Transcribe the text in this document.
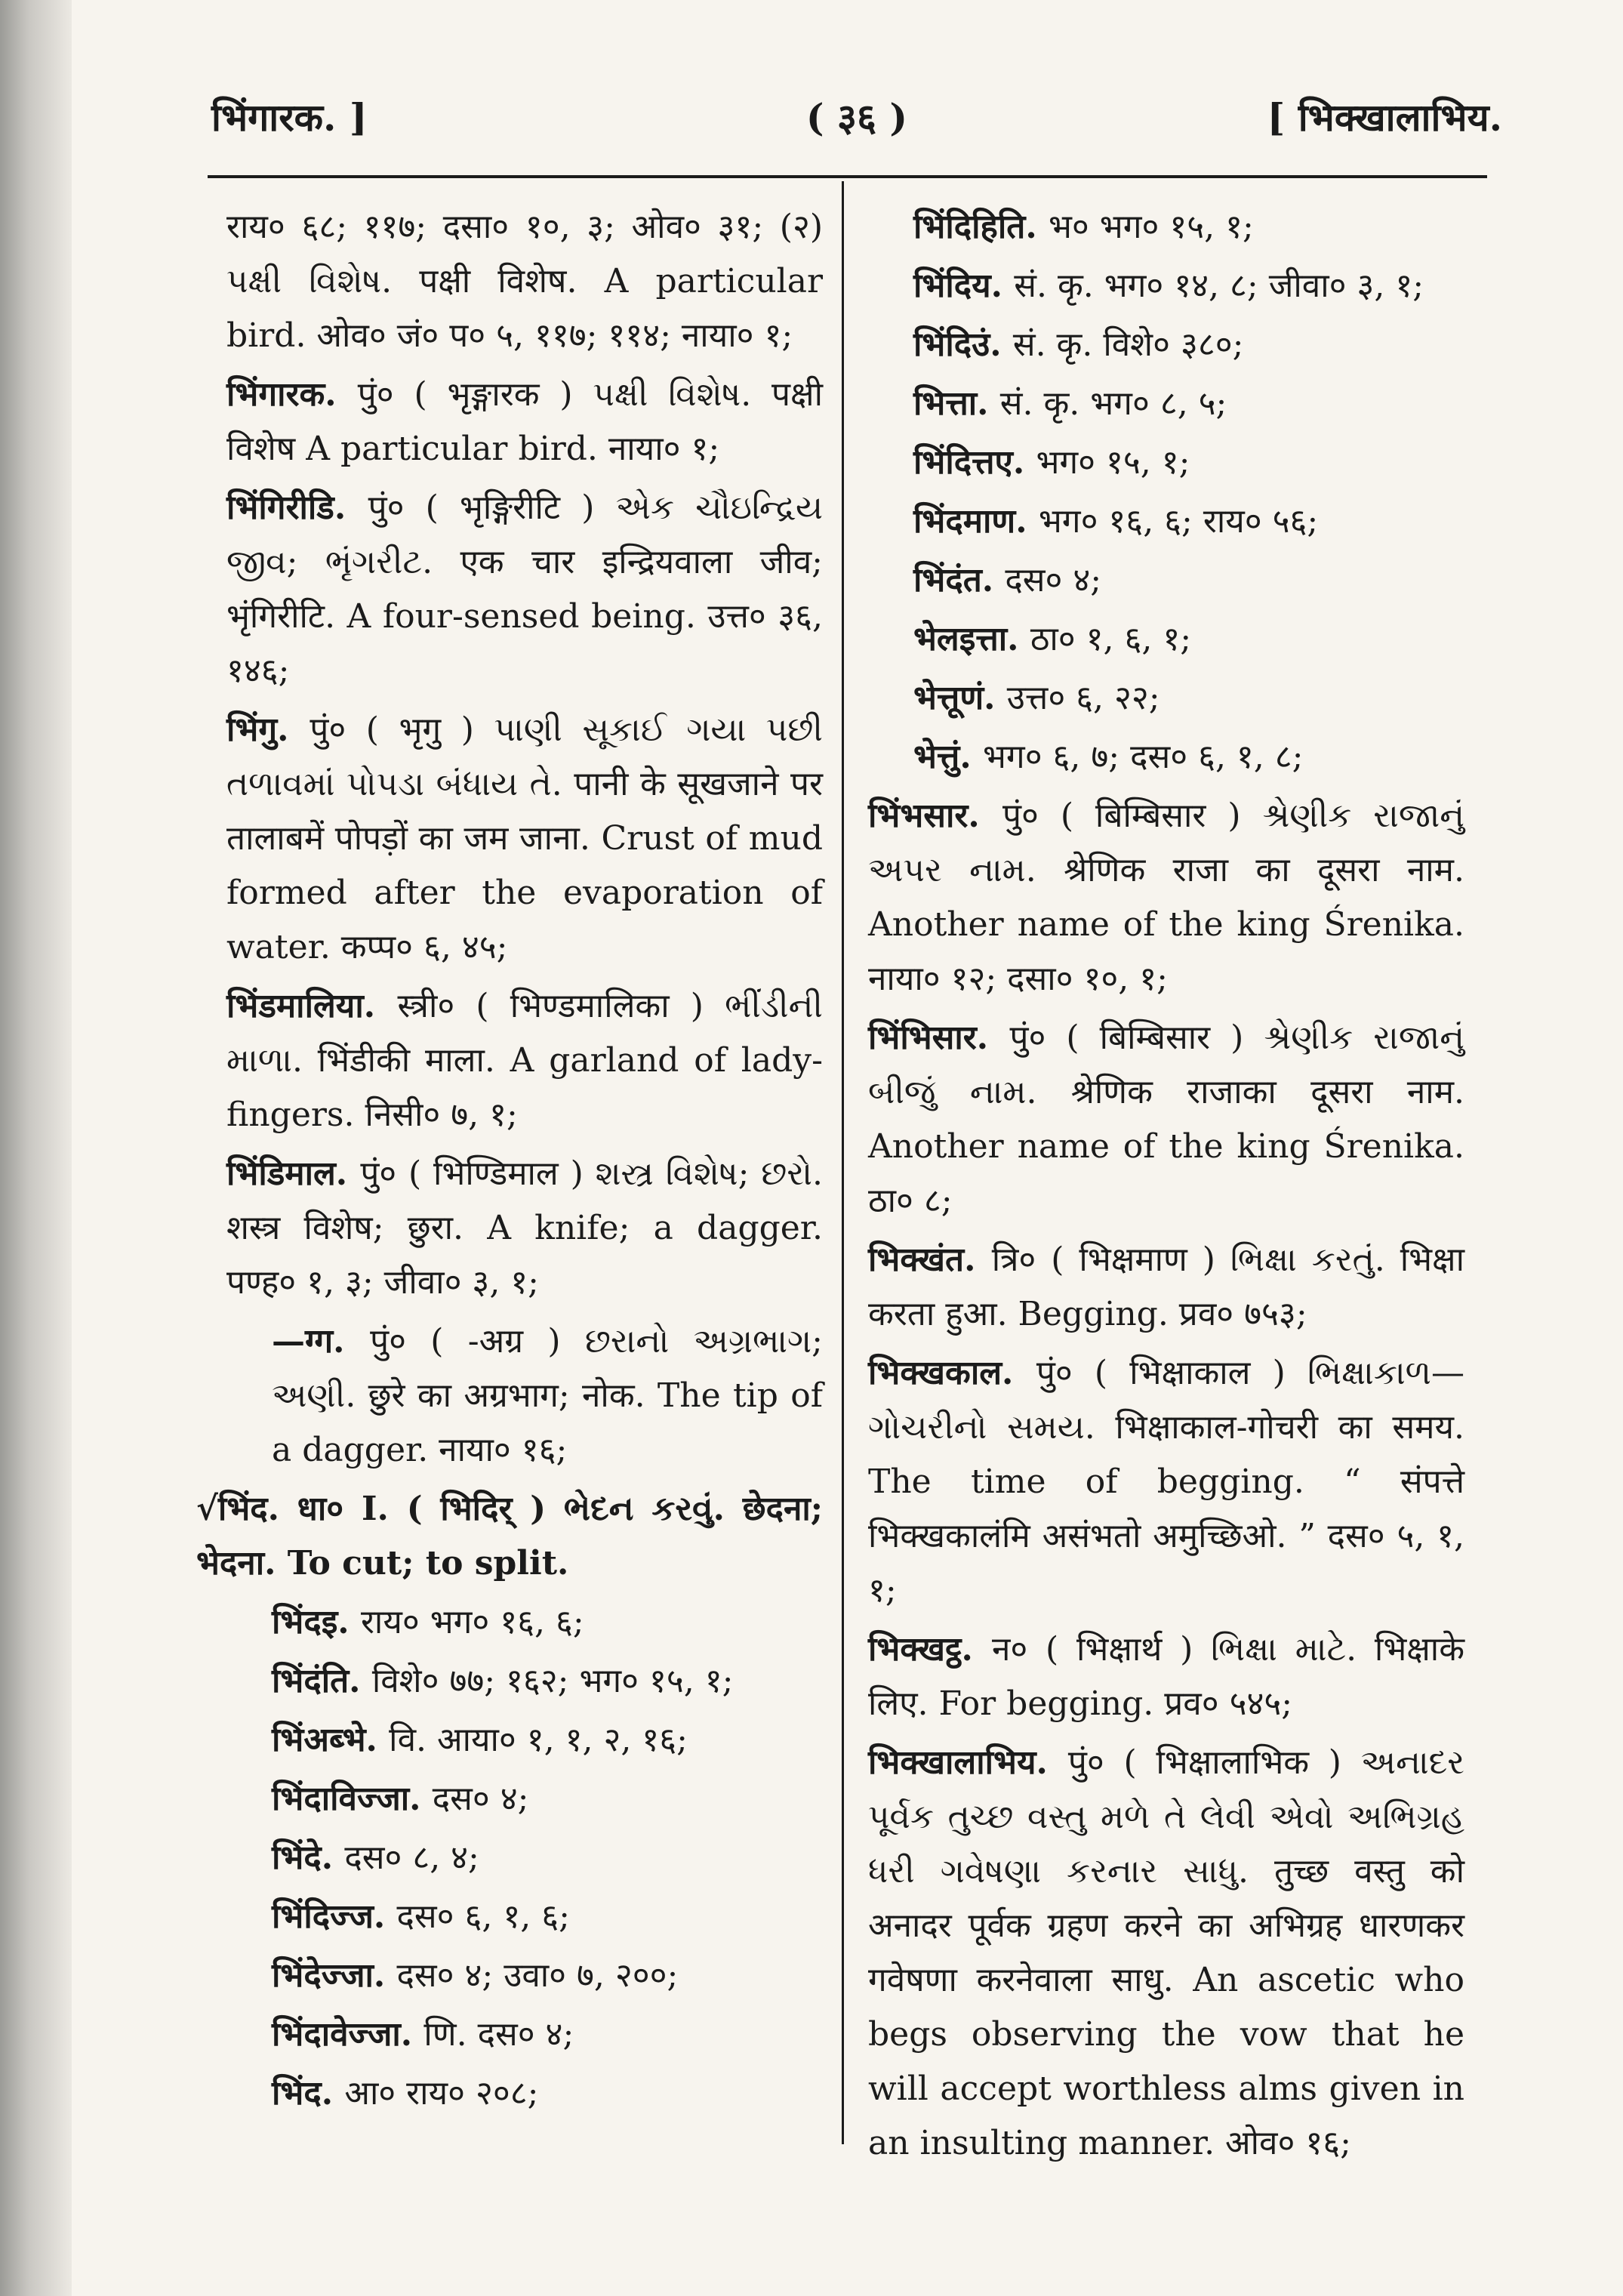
भिंगारक. ]	( ३६ )	[ भिक्खालाभिय.
राय० ६८; ११७; दसा० १०, ३; ओव० ३१; (२) પક્ષી વિશેષ. पक्षी विशेष. A particular bird. ओव० जं० प० ५, ११७; ११४; नाया० १;
भिंगारक. पुं० ( भृङ्गारक ) પક્ષી વિશેષ. पक्षी विशेष A particular bird. नाया० १;
भिंगिरीडि. पुं० ( भृङ्गिरीटि ) એક ચૌઇન્દ્રિય જીવ; ભૃંગરીટ. एक चार इन्द्रियवाला जीव; भृंगिरीटि. A four-sensed being. उत्त० ३६, १४६;
भिंगु. पुं० ( भृगु ) પાણી સૂકાઈ ગયા પછી તળાવમાં પોપડા બંધાય તે. पानी के सूखजाने पर तालाबमें पोपड़ों का जम जाना. Crust of mud formed after the evaporation of water. कप्प० ६, ४५;
भिंडमालिया. स्त्री० ( भिण्डमालिका ) ભીંડીની માળા. भिंडीकी माला. A garland of lady-fingers. निसी० ७, १;
भिंडिमाल. पुं० ( भिण्डिमाल ) શસ્ત્ર વિશેષ; છરો. शस्त्र विशेष; छुरा. A knife; a dagger. पण्ह० १, ३; जीवा० ३, १;
—ग्ग. पुं० ( -अग्र ) છરાનો અગ્રભાગ; અણી. छुरे का अग्रभाग; नोक. The tip of a dagger. नाया० १६;
√भिंद. धा० I. ( भिदिर् ) ભેદન કરવું. छेदना; भेदना. To cut; to split.
भिंदइ. राय० भग० १६, ६;
भिंदंति. विशे० ७७; १६२; भग० १५, १;
भिंअब्भे. वि. आया० १, १, २, १६;
भिंदाविज्जा. दस० ४;
भिंदे. दस० ८, ४;
भिंदिज्ज. दस० ६, १, ६;
भिंदेज्जा. दस० ४; उवा० ७, २००;
भिंदावेज्जा. णि. दस० ४;
भिंद. आ० राय० २०८;
भिंदिहिति. भ० भग० १५, १;
भिंदिय. सं. कृ. भग० १४, ८; जीवा० ३, १;
भिंदिउं. सं. कृ. विशे० ३८०;
भित्ता. सं. कृ. भग० ८, ५;
भिंदित्तए. भग० १५, १;
भिंदमाण. भग० १६, ६; राय० ५६;
भिंदंत. दस० ४;
भेलइत्ता. ठा० १, ६, १;
भेत्तूणं. उत्त० ६, २२;
भेत्तुं. भग० ६, ७; दस० ६, १, ८;
भिंभसार. पुं० ( बिम्बिसार ) શ્રેણીક રાજાનું અપર નામ. श्रेणिक राजा का दूसरा नाम. Another name of the king Śrenika. नाया० १२; दसा० १०, १;
भिंभिसार. पुं० ( बिम्बिसार ) શ્રેણીક રાજાનું બીજું નામ. श्रेणिक राजाका दूसरा नाम. Another name of the king Śrenika. ठा० ८;
भिक्खंत. त्रि० ( भिक्षमाण ) ભિક્ષા કરતું. भिक्षा करता हुआ. Begging. प्रव० ७५३;
भिक्खकाल. पुं० ( भिक्षाकाल ) ભિક્ષાકાળ—ગોચરીનો સમય. भिक्षाकाल-गोचरी का समय. The time of begging. “ संपत्ते भिक्खकालंमि असंभतो अमुच्छिओ. ” दस० ५, १, १;
भिक्खट्ठ. न० ( भिक्षार्थ ) ભિક્ષા માટે. भिक्षाके लिए. For begging. प्रव० ५४५;
भिक्खालाभिय. पुं० ( भिक्षालाभिक ) અનાદર પૂર્વક તુચ્છ વસ્તુ મળે તે લેવી એવો અભિગ્રહ ધરી ગવેષણા કરનાર સાધુ. तुच्छ वस्तु को अनादर पूर्वक ग्रहण करने का अभिग्रह धारणकर गवेषणा करनेवाला साधु. An ascetic who begs observing the vow that he will accept worthless alms given in an insulting manner. ओव० १६;
